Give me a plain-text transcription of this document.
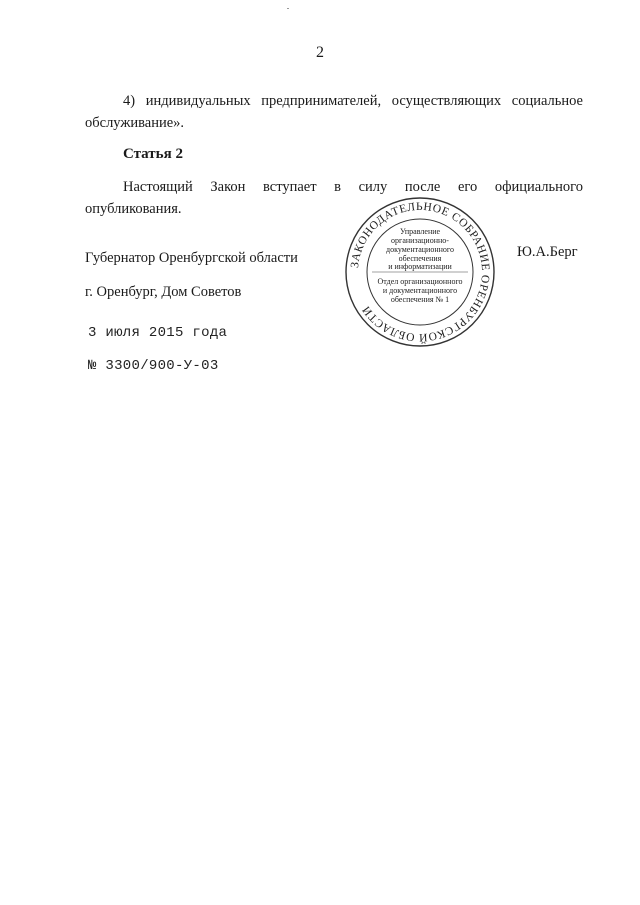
2
4) индивидуальных предпринимателей, осуществляющих социальное
обслуживание».
Статья 2
Настоящий Закон вступает в силу после его официального
опубликования.
Губернатор Оренбургской области	Ю.А.Берг
г. Оренбург, Дом Советов
3 июля 2015 года
№ 3300/900-У-03
ЗАКОНОДАТЕЛЬНОЕ СОБРАНИЕ ОРЕНБУРГСКОЙ ОБЛАСТИ
Управление
организационно-
документационного
обеспечения
и информатизации
Отдел организационного
и документационного
обеспечения № 1
